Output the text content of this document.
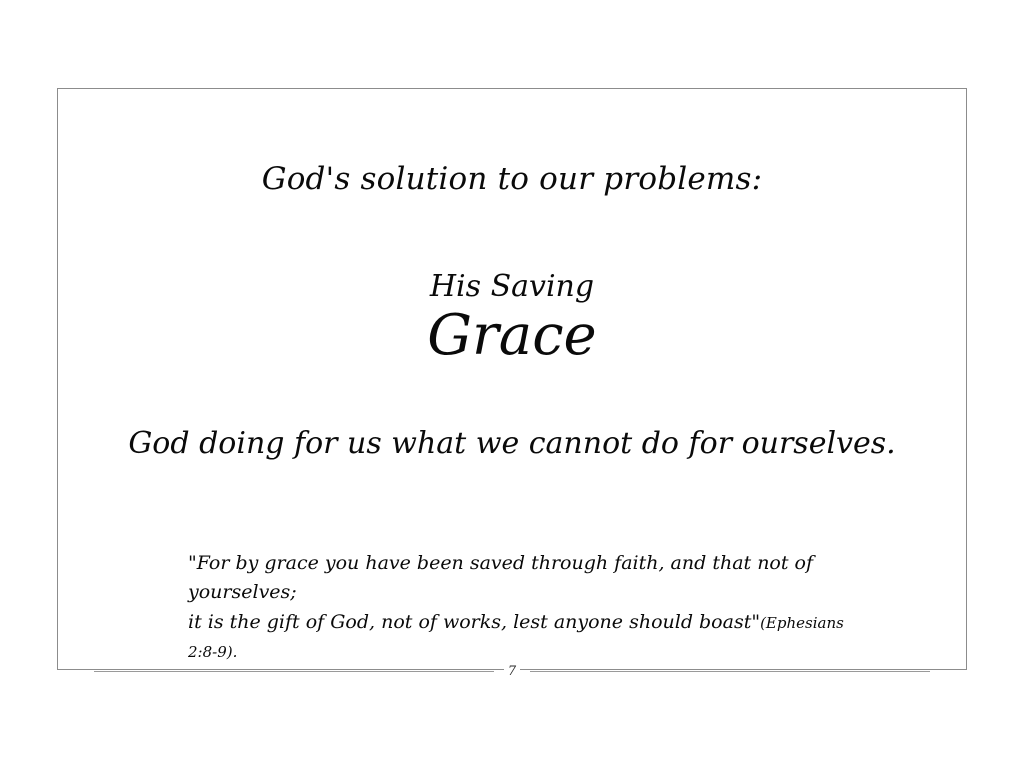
God's solution to our problems:
His Saving
Grace
God doing for us what we cannot do for ourselves.
"For by grace you have been saved through faith, and that not of yourselves;
it is the gift of God, not of works, lest anyone should boast"(Ephesians 2:8-9).
7
